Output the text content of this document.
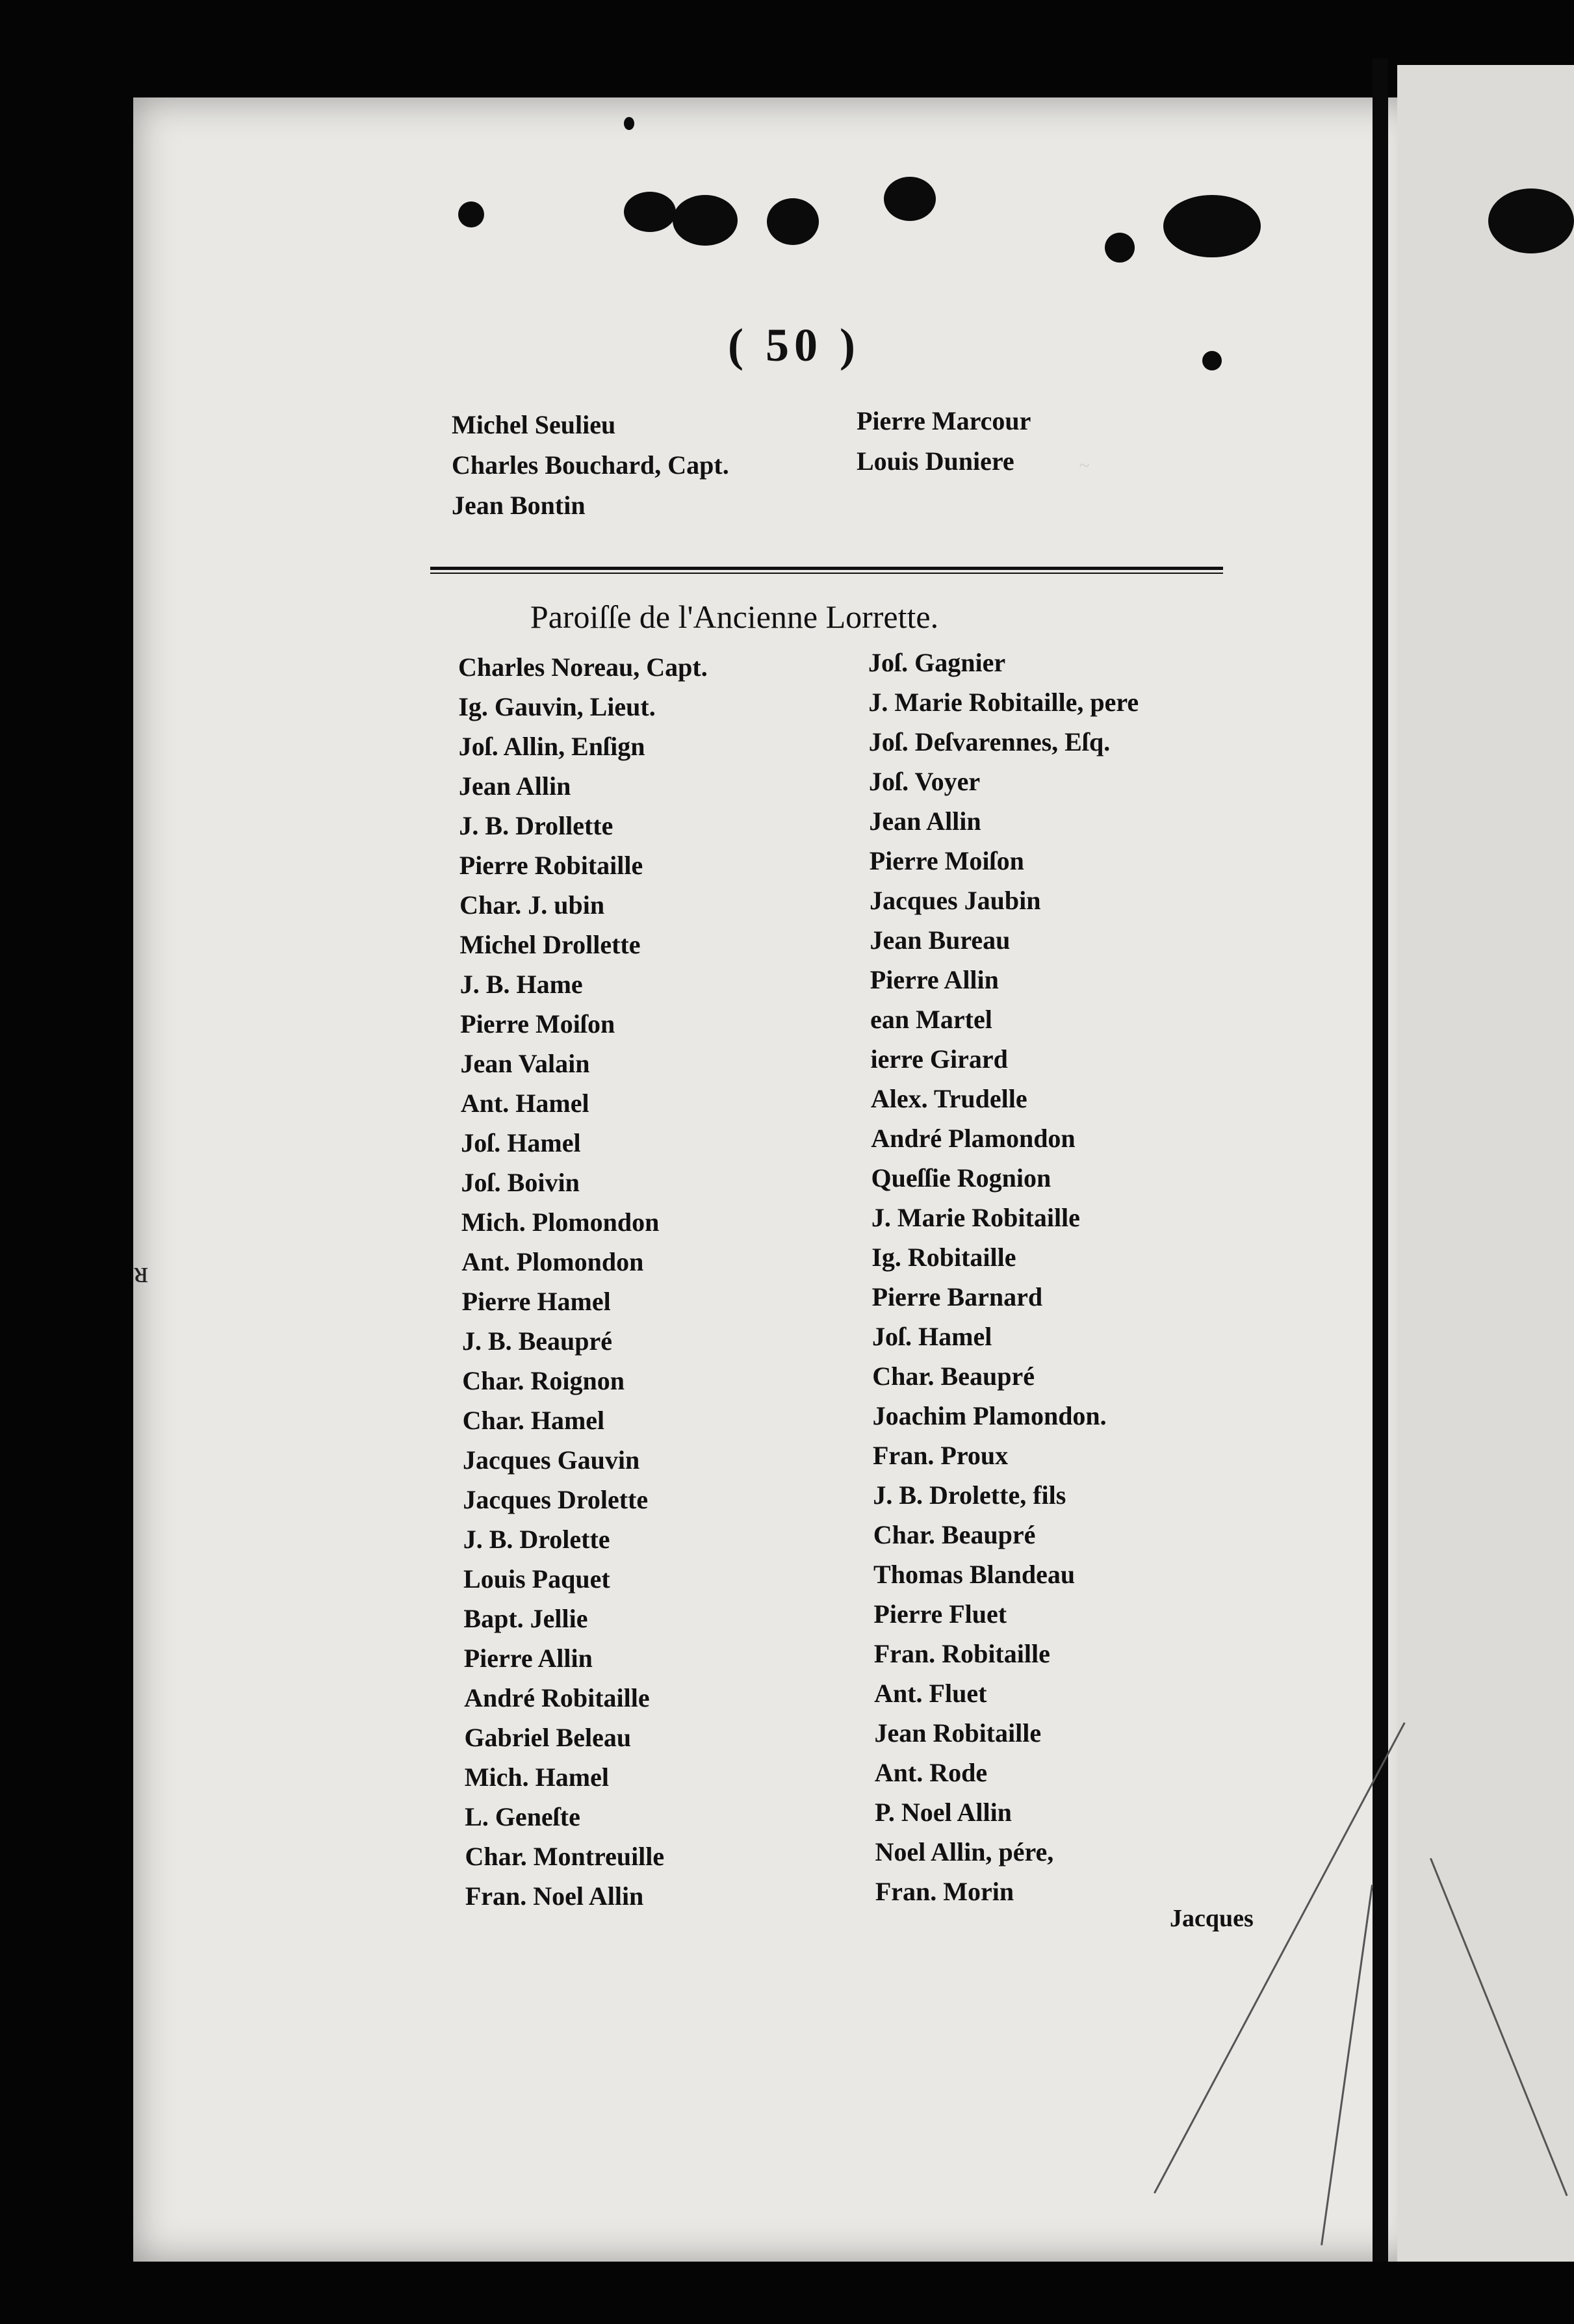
( 50 )
Michel Seulieu
Charles Bouchard, Capt.
Jean Bontin
Pierre Marcour
Louis Duniere
Paroiſſe de l'Ancienne Lorrette.
Charles Noreau, Capt.
Ig. Gauvin, Lieut.
Joſ. Allin, Enſign
Jean Allin
J. B. Drollette
Pierre Robitaille
Char. J. ubin
Michel Drollette
J. B. Hame
Pierre Moiſon
Jean Valain
Ant. Hamel
Joſ. Hamel
Joſ. Boivin
Mich. Plomondon
Ant. Plomondon
Pierre Hamel
J. B. Beaupré
Char. Roignon
Char. Hamel
Jacques Gauvin
Jacques Drolette
J. B. Drolette
Louis Paquet
Bapt. Jellie
Pierre Allin
André Robitaille
Gabriel Beleau
Mich. Hamel
L. Geneſte
Char. Montreuille
Fran. Noel Allin
Joſ. Gagnier
J. Marie Robitaille, pere
Joſ. Deſvarennes, Eſq.
Joſ. Voyer
Jean Allin
Pierre Moiſon
Jacques Jaubin
Jean Bureau
Pierre Allin
ean Martel
ierre Girard
Alex. Trudelle
André Plamondon
Queſſie Rognion
J. Marie Robitaille
Ig. Robitaille
Pierre Barnard
Joſ. Hamel
Char. Beaupré
Joachim Plamondon.
Fran. Proux
J. B. Drolette, fils
Char. Beaupré
Thomas Blandeau
Pierre Fluet
Fran. Robitaille
Ant. Fluet
Jean Robitaille
Ant. Rode
P. Noel Allin
Noel Allin, pére,
Fran. Morin
Jacques
ᴚ
~
